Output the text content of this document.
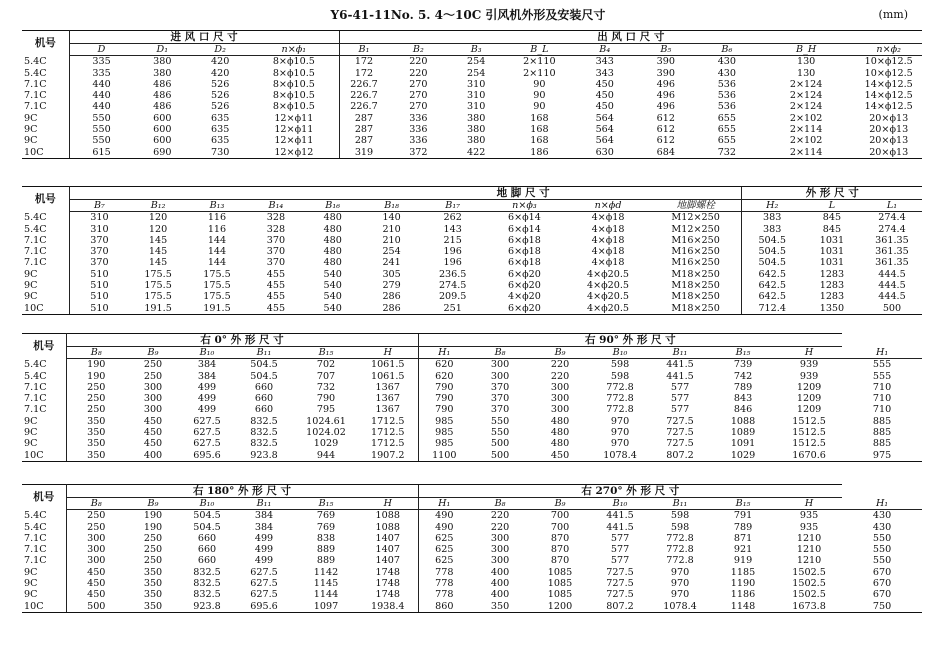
Y6-41-11No. 5. 4～10C 引风机外形及安装尺寸	(mm)
机号	进 风 口 尺 寸				出 风 口 尺 寸								
	D	D₁	D₂	n×ϕ₁	B₁	B₂	B₃	B_L	B₄	B₅	B₆	B_H	n×ϕ₂
5.4C	335	380	420	8×ϕ10.5	172	220	254	2×110	343	390	430	130	10×ϕ12.5
5.4C	335	380	420	8×ϕ10.5	172	220	254	2×110	343	390	430	130	10×ϕ12.5
7.1C	440	486	526	8×ϕ10.5	226.7	270	310	90	450	496	536	2×124	14×ϕ12.5
7.1C	440	486	526	8×ϕ10.5	226.7	270	310	90	450	496	536	2×124	14×ϕ12.5
7.1C	440	486	526	8×ϕ10.5	226.7	270	310	90	450	496	536	2×124	14×ϕ12.5
9C	550	600	635	12×ϕ11	287	336	380	168	564	612	655	2×102	20×ϕ13
9C	550	600	635	12×ϕ11	287	336	380	168	564	612	655	2×114	20×ϕ13
9C	550	600	635	12×ϕ11	287	336	380	168	564	612	655	2×102	20×ϕ13
10C	615	690	730	12×ϕ12	319	372	422	186	630	684	732	2×114	20×ϕ13
机号					地 脚 尺 寸						外 形 尺 寸		
	B₇	B₁₂	B₁₃	B₁₄	B₁₆	B₁₈	B₁₇	n×ϕ₃	n×ϕd	地脚螺栓	H₂	L	L₁
5.4C	310	120	116	328	480	140	262	6×ϕ14	4×ϕ18	M12×250	383	845	274.4
5.4C	310	120	116	328	480	210	143	6×ϕ14	4×ϕ18	M12×250	383	845	274.4
7.1C	370	145	144	370	480	210	215	6×ϕ18	4×ϕ18	M16×250	504.5	1031	361.35
7.1C	370	145	144	370	480	254	196	6×ϕ18	4×ϕ18	M16×250	504.5	1031	361.35
7.1C	370	145	144	370	480	241	196	6×ϕ18	4×ϕ18	M16×250	504.5	1031	361.35
9C	510	175.5	175.5	455	540	305	236.5	6×ϕ20	4×ϕ20.5	M18×250	642.5	1283	444.5
9C	510	175.5	175.5	455	540	279	274.5	6×ϕ20	4×ϕ20.5	M18×250	642.5	1283	444.5
9C	510	175.5	175.5	455	540	286	209.5	4×ϕ20	4×ϕ20.5	M18×250	642.5	1283	444.5
10C	510	191.5	191.5	455	540	286	251	6×ϕ20	4×ϕ20.5	M18×250	712.4	1350	500
机号	右 0° 外 形 尺 寸						右 90° 外 形 尺 寸							
	B₈	B₉	B₁₀	B₁₁	B₁₅	H	H₁	B₈	B₉	B₁₀	B₁₁	B₁₅	H	H₁
5.4C	190	250	384	504.5	702	1061.5	620	300	220	598	441.5	739	939	555
5.4C	190	250	384	504.5	707	1061.5	620	300	220	598	441.5	742	939	555
7.1C	250	300	499	660	732	1367	790	370	300	772.8	577	789	1209	710
7.1C	250	300	499	660	790	1367	790	370	300	772.8	577	843	1209	710
7.1C	250	300	499	660	795	1367	790	370	300	772.8	577	846	1209	710
9C	350	450	627.5	832.5	1024.61	1712.5	985	550	480	970	727.5	1088	1512.5	885
9C	350	450	627.5	832.5	1024.02	1712.5	985	550	480	970	727.5	1089	1512.5	885
9C	350	450	627.5	832.5	1029	1712.5	985	500	480	970	727.5	1091	1512.5	885
10C	350	400	695.6	923.8	944	1907.2	1100	500	450	1078.4	807.2	1029	1670.6	975
机号	右 180° 外 形 尺 寸						右 270° 外 形 尺 寸							
	B₈	B₉	B₁₀	B₁₁	B₁₅	H	H₁	B₈	B₉	B₁₀	B₁₁	B₁₅	H	H₁
5.4C	250	190	504.5	384	769	1088	490	220	700	441.5	598	791	935	430
5.4C	250	190	504.5	384	769	1088	490	220	700	441.5	598	789	935	430
7.1C	300	250	660	499	838	1407	625	300	870	577	772.8	871	1210	550
7.1C	300	250	660	499	889	1407	625	300	870	577	772.8	921	1210	550
7.1C	300	250	660	499	889	1407	625	300	870	577	772.8	919	1210	550
9C	450	350	832.5	627.5	1142	1748	778	400	1085	727.5	970	1185	1502.5	670
9C	450	350	832.5	627.5	1145	1748	778	400	1085	727.5	970	1190	1502.5	670
9C	450	350	832.5	627.5	1144	1748	778	400	1085	727.5	970	1186	1502.5	670
10C	500	350	923.8	695.6	1097	1938.4	860	350	1200	807.2	1078.4	1148	1673.8	750
